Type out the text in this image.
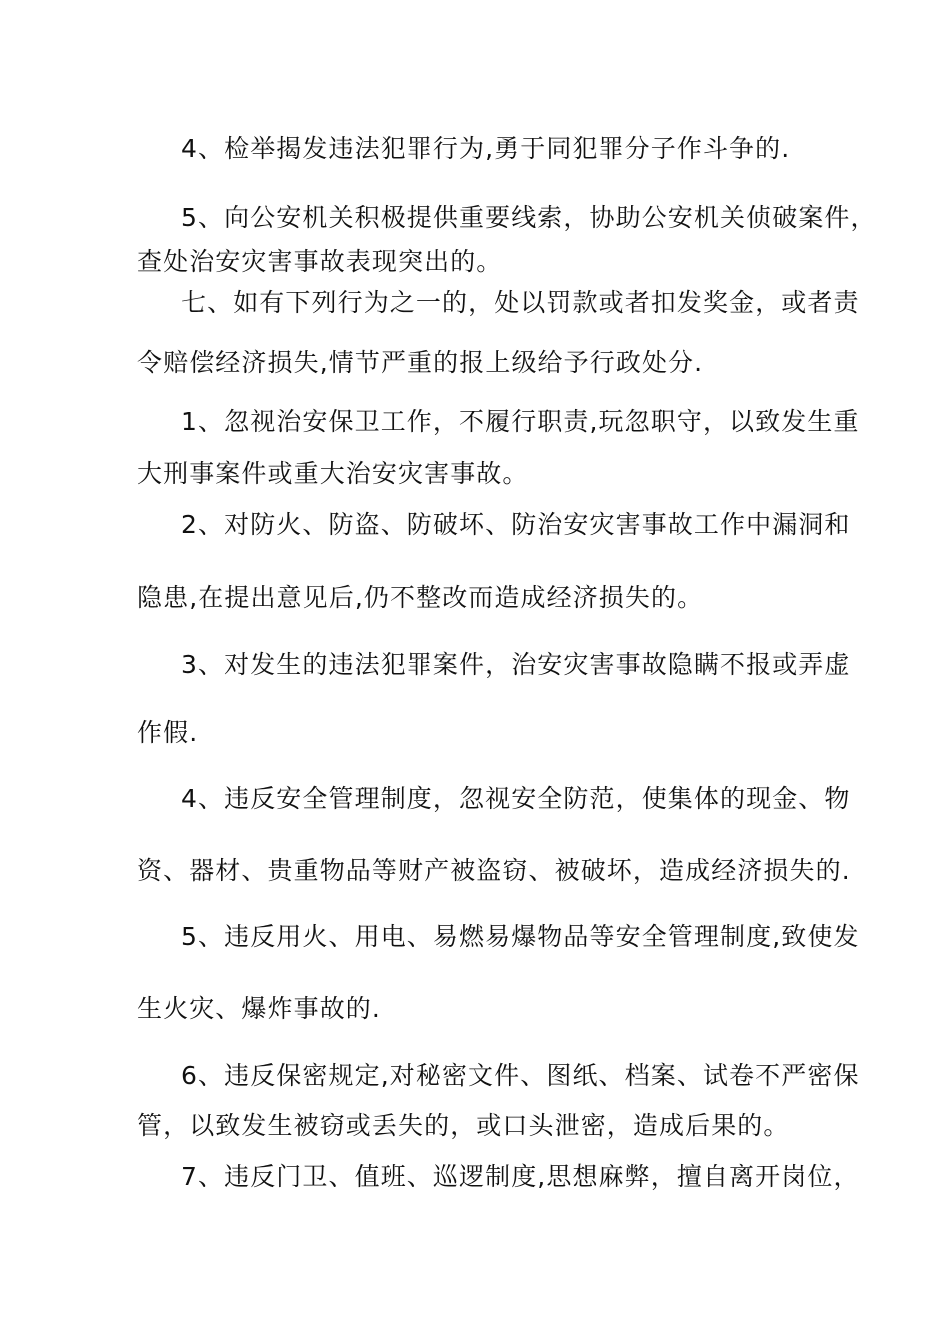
4、检举揭发违法犯罪行为,勇于同犯罪分子作斗争的.
5、向公安机关积极提供重要线索，协助公安机关侦破案件，
查处治安灾害事故表现突出的。
七、如有下列行为之一的，处以罚款或者扣发奖金，或者责
令赔偿经济损失,情节严重的报上级给予行政处分.
1、忽视治安保卫工作，不履行职责,玩忽职守，以致发生重
大刑事案件或重大治安灾害事故。
2、对防火、防盗、防破坏、防治安灾害事故工作中漏洞和
隐患,在提出意见后,仍不整改而造成经济损失的。
3、对发生的违法犯罪案件，治安灾害事故隐瞒不报或弄虚
作假.
4、违反安全管理制度，忽视安全防范，使集体的现金、物
资、器材、贵重物品等财产被盗窃、被破坏，造成经济损失的.
5、违反用火、用电、易燃易爆物品等安全管理制度,致使发
生火灾、爆炸事故的.
6、违反保密规定,对秘密文件、图纸、档案、试卷不严密保
管，以致发生被窃或丢失的，或口头泄密，造成后果的。
7、违反门卫、值班、巡逻制度,思想麻弊，擅自离开岗位，
